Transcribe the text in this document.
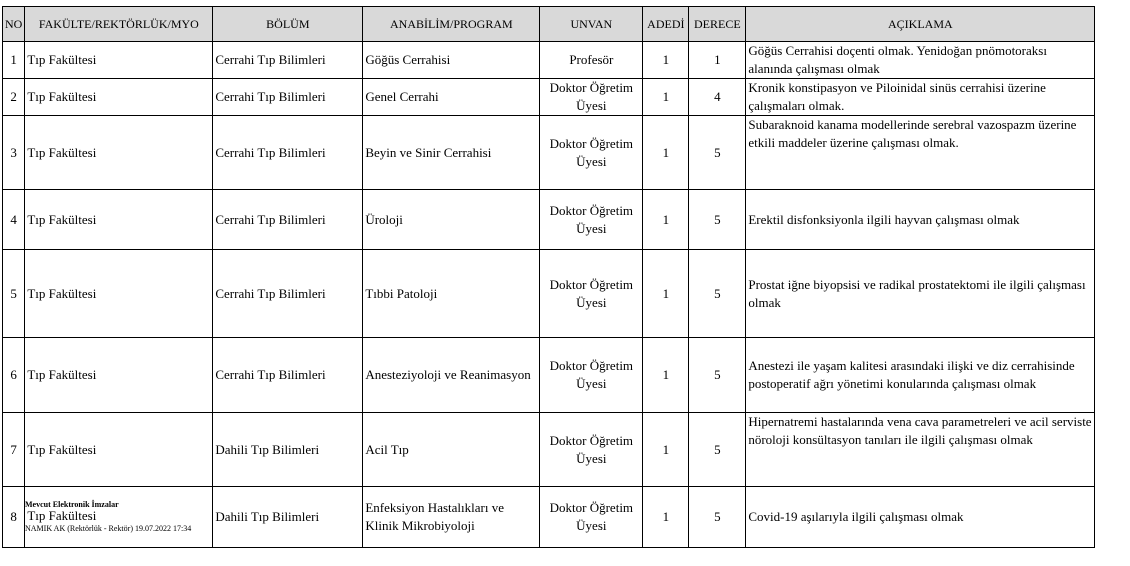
NO	FAKÜLTE/REKTÖRLÜK/MYO	BÖLÜM	ANABİLİM/PROGRAM	UNVAN	ADEDİ	DERECE	AÇIKLAMA
1	Tıp Fakültesi	Cerrahi Tıp Bilimleri	Göğüs Cerrahisi	Profesör	1	1	Göğüs Cerrahisi doçenti olmak. Yenidoğan pnömotoraksı alanında çalışması olmak
2	Tıp Fakültesi	Cerrahi Tıp Bilimleri	Genel Cerrahi	Doktor Öğretim Üyesi	1	4	Kronik konstipasyon ve Piloinidal sinüs cerrahisi üzerine çalışmaları olmak.
3	Tıp Fakültesi	Cerrahi Tıp Bilimleri	Beyin ve Sinir Cerrahisi	Doktor Öğretim Üyesi	1	5	Subaraknoid kanama modellerinde serebral vazospazm üzerine etkili maddeler üzerine çalışması olmak.
4	Tıp Fakültesi	Cerrahi Tıp Bilimleri	Üroloji	Doktor Öğretim Üyesi	1	5	Erektil disfonksiyonla ilgili hayvan çalışması olmak
5	Tıp Fakültesi	Cerrahi Tıp Bilimleri	Tıbbi Patoloji	Doktor Öğretim Üyesi	1	5	Prostat iğne biyopsisi ve radikal prostatektomi ile ilgili çalışması olmak
6	Tıp Fakültesi	Cerrahi Tıp Bilimleri	Anesteziyoloji ve Reanimasyon	Doktor Öğretim Üyesi	1	5	Anestezi ile yaşam kalitesi arasındaki ilişki ve diz cerrahisinde postoperatif ağrı yönetimi konularında çalışması olmak
7	Tıp Fakültesi	Dahili Tıp Bilimleri	Acil Tıp	Doktor Öğretim Üyesi	1	5	Hipernatremi hastalarında vena cava parametreleri ve acil serviste nöroloji konsültasyon tanıları ile ilgili çalışması olmak
8	Tıp Fakültesi	Dahili Tıp Bilimleri	Enfeksiyon Hastalıkları ve Klinik Mikrobiyoloji	Doktor Öğretim Üyesi	1	5	Covid-19 aşılarıyla ilgili çalışması olmak
Mevcut Elektronik İmzalar
NAMIK AK (Rektörlük - Rektör) 19.07.2022 17:34
